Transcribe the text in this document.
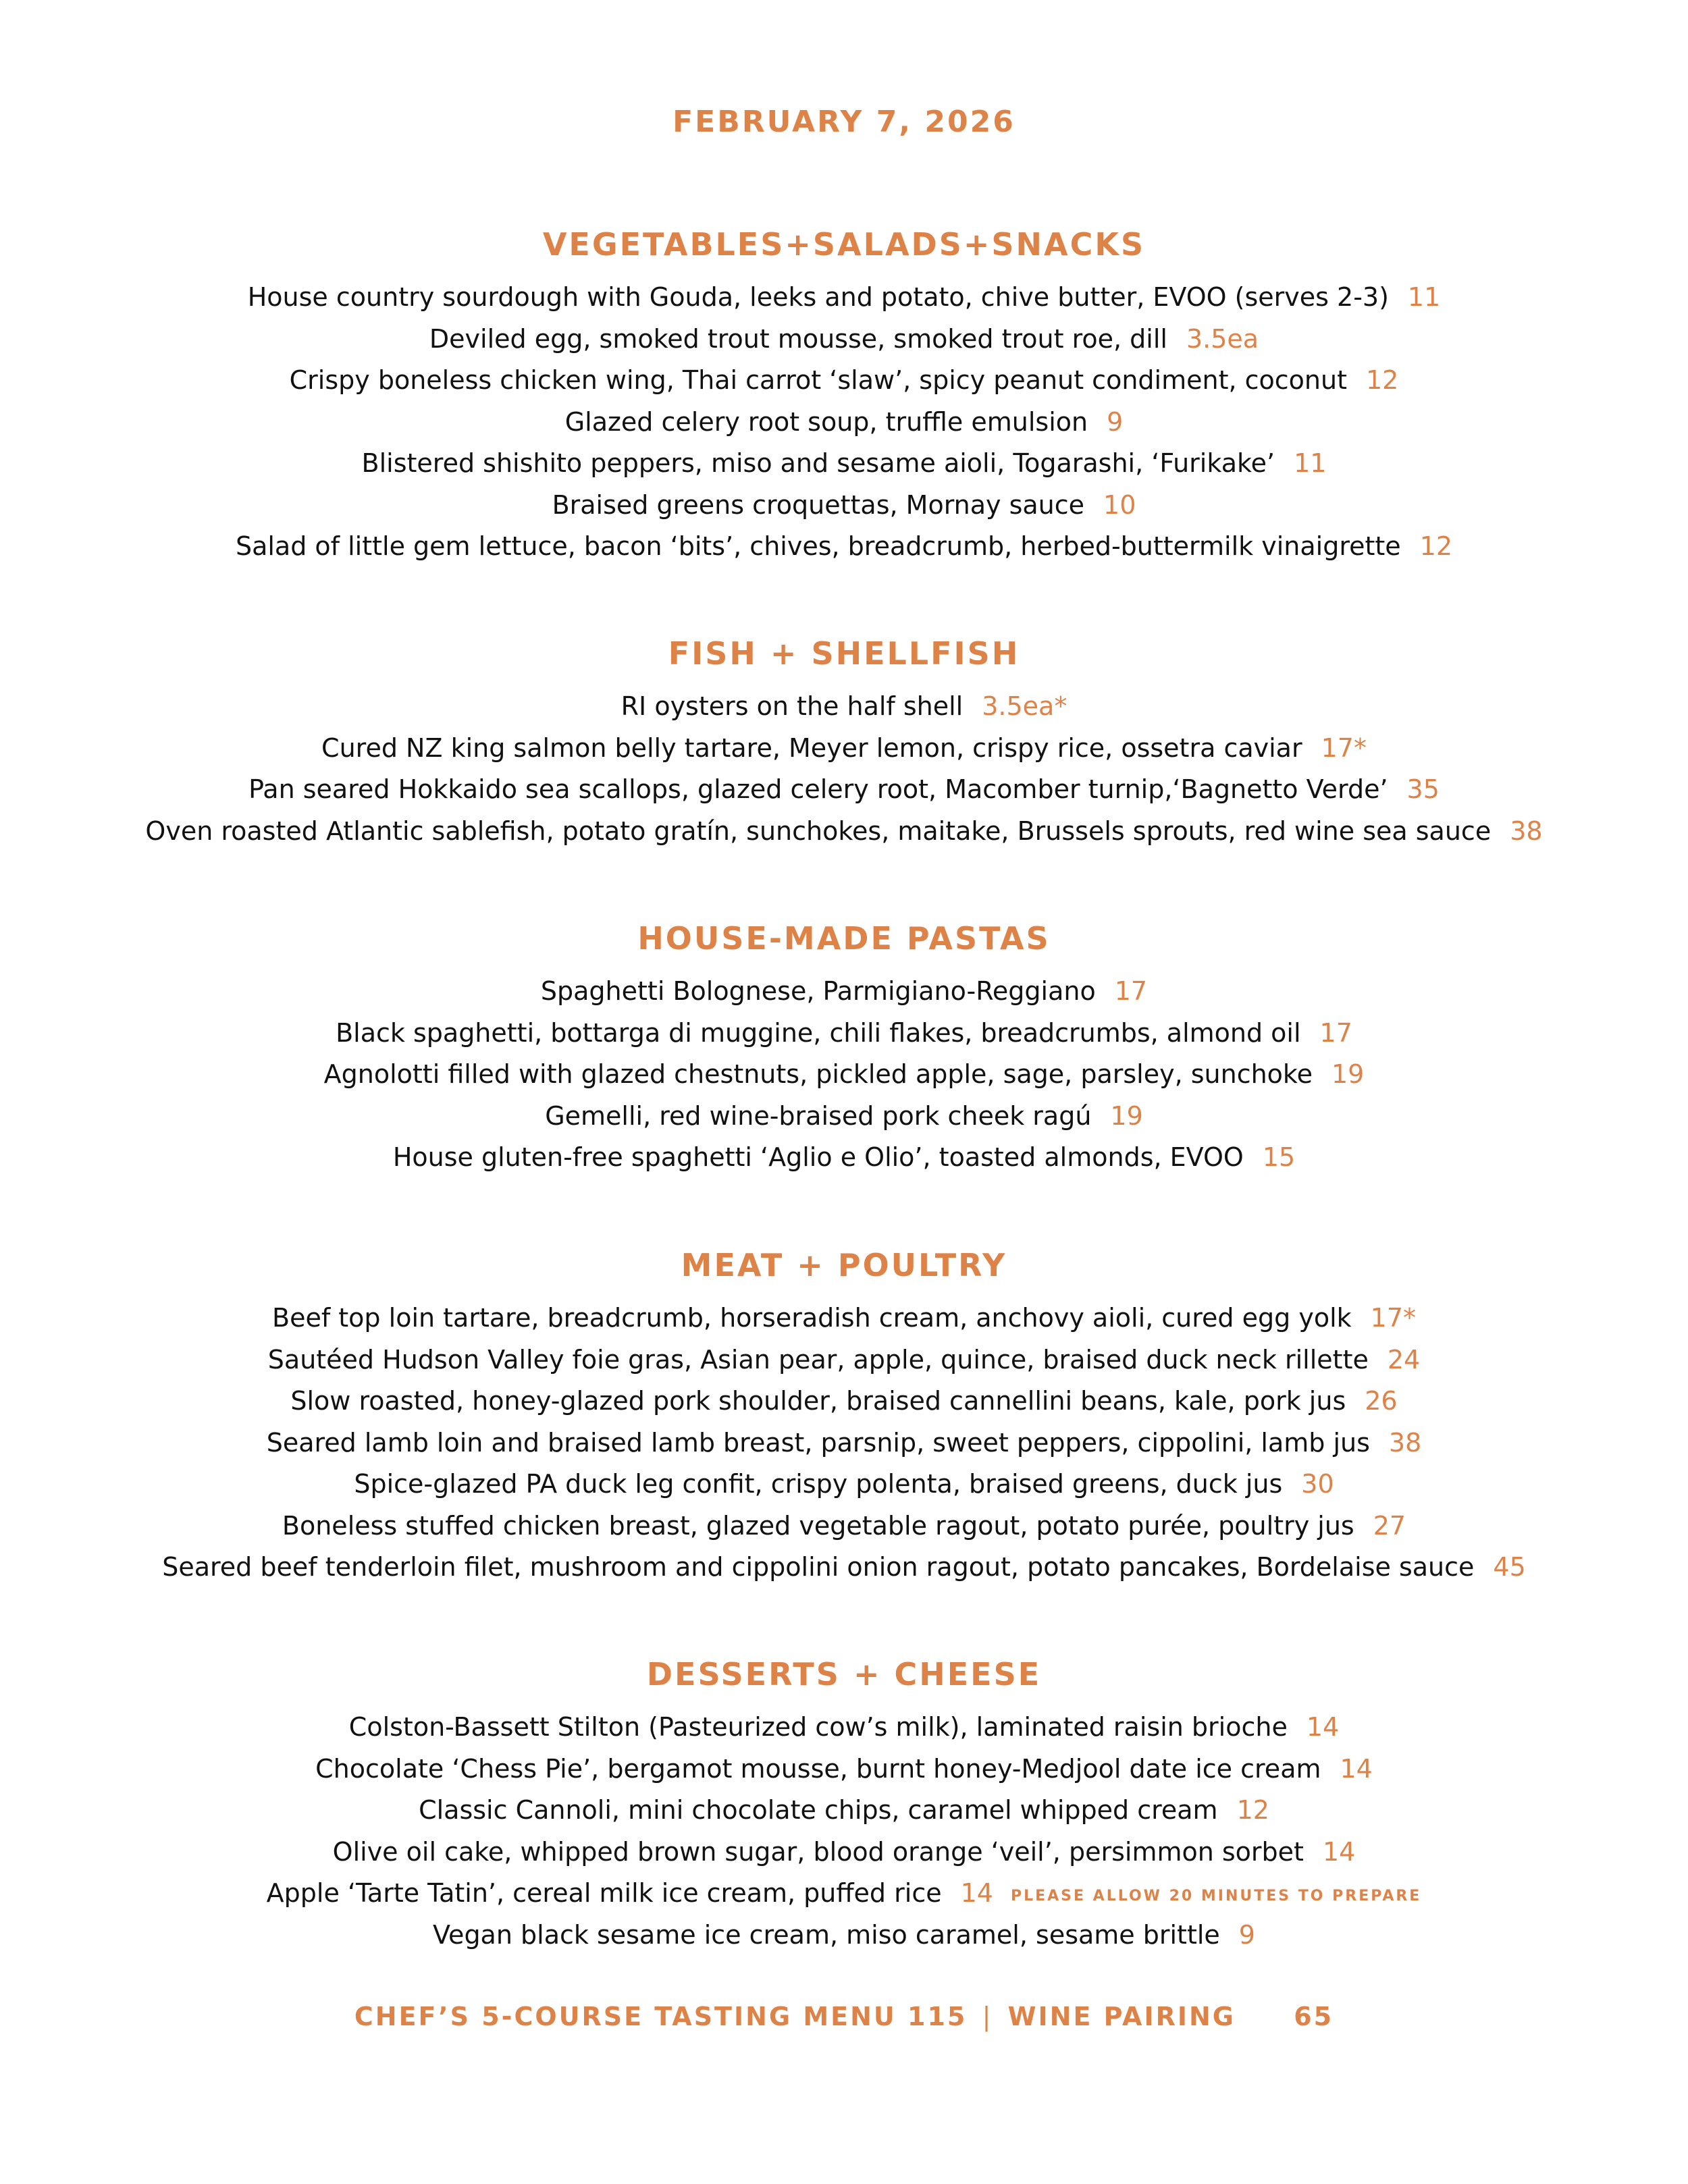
FEBRUARY 7, 2026
VEGETABLES+SALADS+SNACKS
House country sourdough with Gouda, leeks and potato, chive butter, EVOO (serves 2-3) 11
Deviled egg, smoked trout mousse, smoked trout roe, dill 3.5ea
Crispy boneless chicken wing, Thai carrot ‘slaw’, spicy peanut condiment, coconut 12
Glazed celery root soup, truffle emulsion 9
Blistered shishito peppers, miso and sesame aioli, Togarashi, ‘Furikake’ 11
Braised greens croquettas, Mornay sauce 10
Salad of little gem lettuce, bacon ‘bits’, chives, breadcrumb, herbed-buttermilk vinaigrette 12
FISH + SHELLFISH
RI oysters on the half shell 3.5ea*
Cured NZ king salmon belly tartare, Meyer lemon, crispy rice, ossetra caviar 17*
Pan seared Hokkaido sea scallops, glazed celery root, Macomber turnip,‘Bagnetto Verde’ 35
Oven roasted Atlantic sablefish, potato gratín, sunchokes, maitake, Brussels sprouts, red wine sea sauce 38
HOUSE-MADE PASTAS
Spaghetti Bolognese, Parmigiano-Reggiano 17
Black spaghetti, bottarga di muggine, chili flakes, breadcrumbs, almond oil 17
Agnolotti filled with glazed chestnuts, pickled apple, sage, parsley, sunchoke 19
Gemelli, red wine-braised pork cheek ragú 19
House gluten-free spaghetti ‘Aglio e Olio’, toasted almonds, EVOO 15
MEAT + POULTRY
Beef top loin tartare, breadcrumb, horseradish cream, anchovy aioli, cured egg yolk 17*
Sautéed Hudson Valley foie gras, Asian pear, apple, quince, braised duck neck rillette 24
Slow roasted, honey-glazed pork shoulder, braised cannellini beans, kale, pork jus 26
Seared lamb loin and braised lamb breast, parsnip, sweet peppers, cippolini, lamb jus 38
Spice-glazed PA duck leg confit, crispy polenta, braised greens, duck jus 30
Boneless stuffed chicken breast, glazed vegetable ragout, potato purée, poultry jus 27
Seared beef tenderloin filet, mushroom and cippolini onion ragout, potato pancakes, Bordelaise sauce 45
DESSERTS + CHEESE
Colston-Bassett Stilton (Pasteurized cow’s milk), laminated raisin brioche 14
Chocolate ‘Chess Pie’, bergamot mousse, burnt honey-Medjool date ice cream 14
Classic Cannoli, mini chocolate chips, caramel whipped cream 12
Olive oil cake, whipped brown sugar, blood orange ‘veil’, persimmon sorbet 14
Apple ‘Tarte Tatin’, cereal milk ice cream, puffed rice 14 PLEASE ALLOW 20 MINUTES TO PREPARE
Vegan black sesame ice cream, miso caramel, sesame brittle 9
CHEF’S 5-COURSE TASTING MENU 115 | WINE PAIRING 65
